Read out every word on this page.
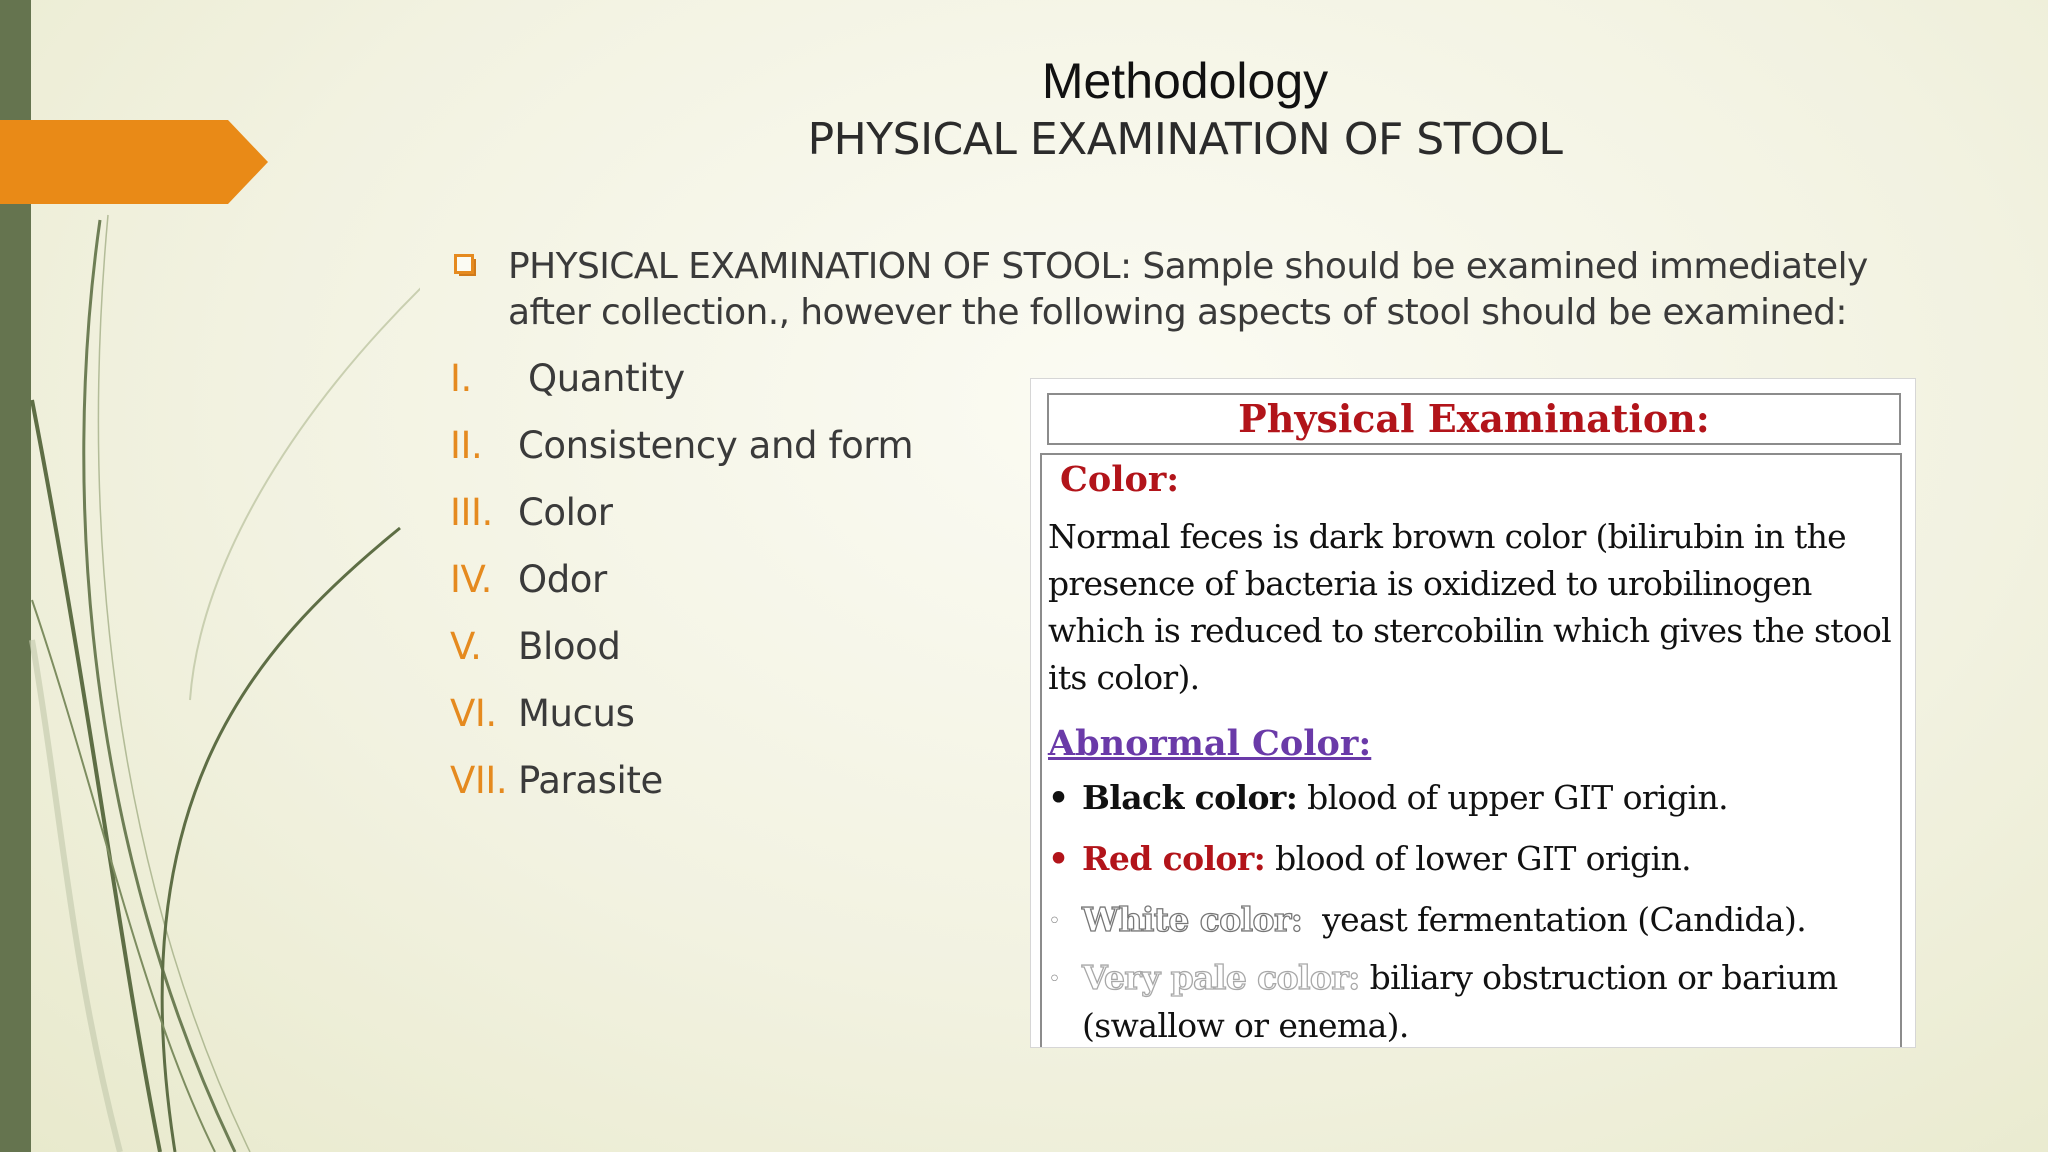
Methodology
PHYSICAL EXAMINATION OF STOOL
PHYSICAL EXAMINATION OF STOOL: Sample should be examined immediately after collection., however the following aspects of stool should be examined:
I.	Quantity
II. Consistency and form
III. Color
IV. Odor
V. Blood
VI. Mucus
VII. Parasite
Physical Examination:
Color:
Normal feces is dark brown color (bilirubin in the presence of bacteria is oxidized to urobilinogen which is reduced to stercobilin which gives the stool its color).
Abnormal Color:
• Black color: blood of upper GIT origin.
• Red color: blood of lower GIT origin.
◦ White color:  yeast fermentation (Candida).
◦ Very pale color: biliary obstruction or barium
(swallow or enema).
